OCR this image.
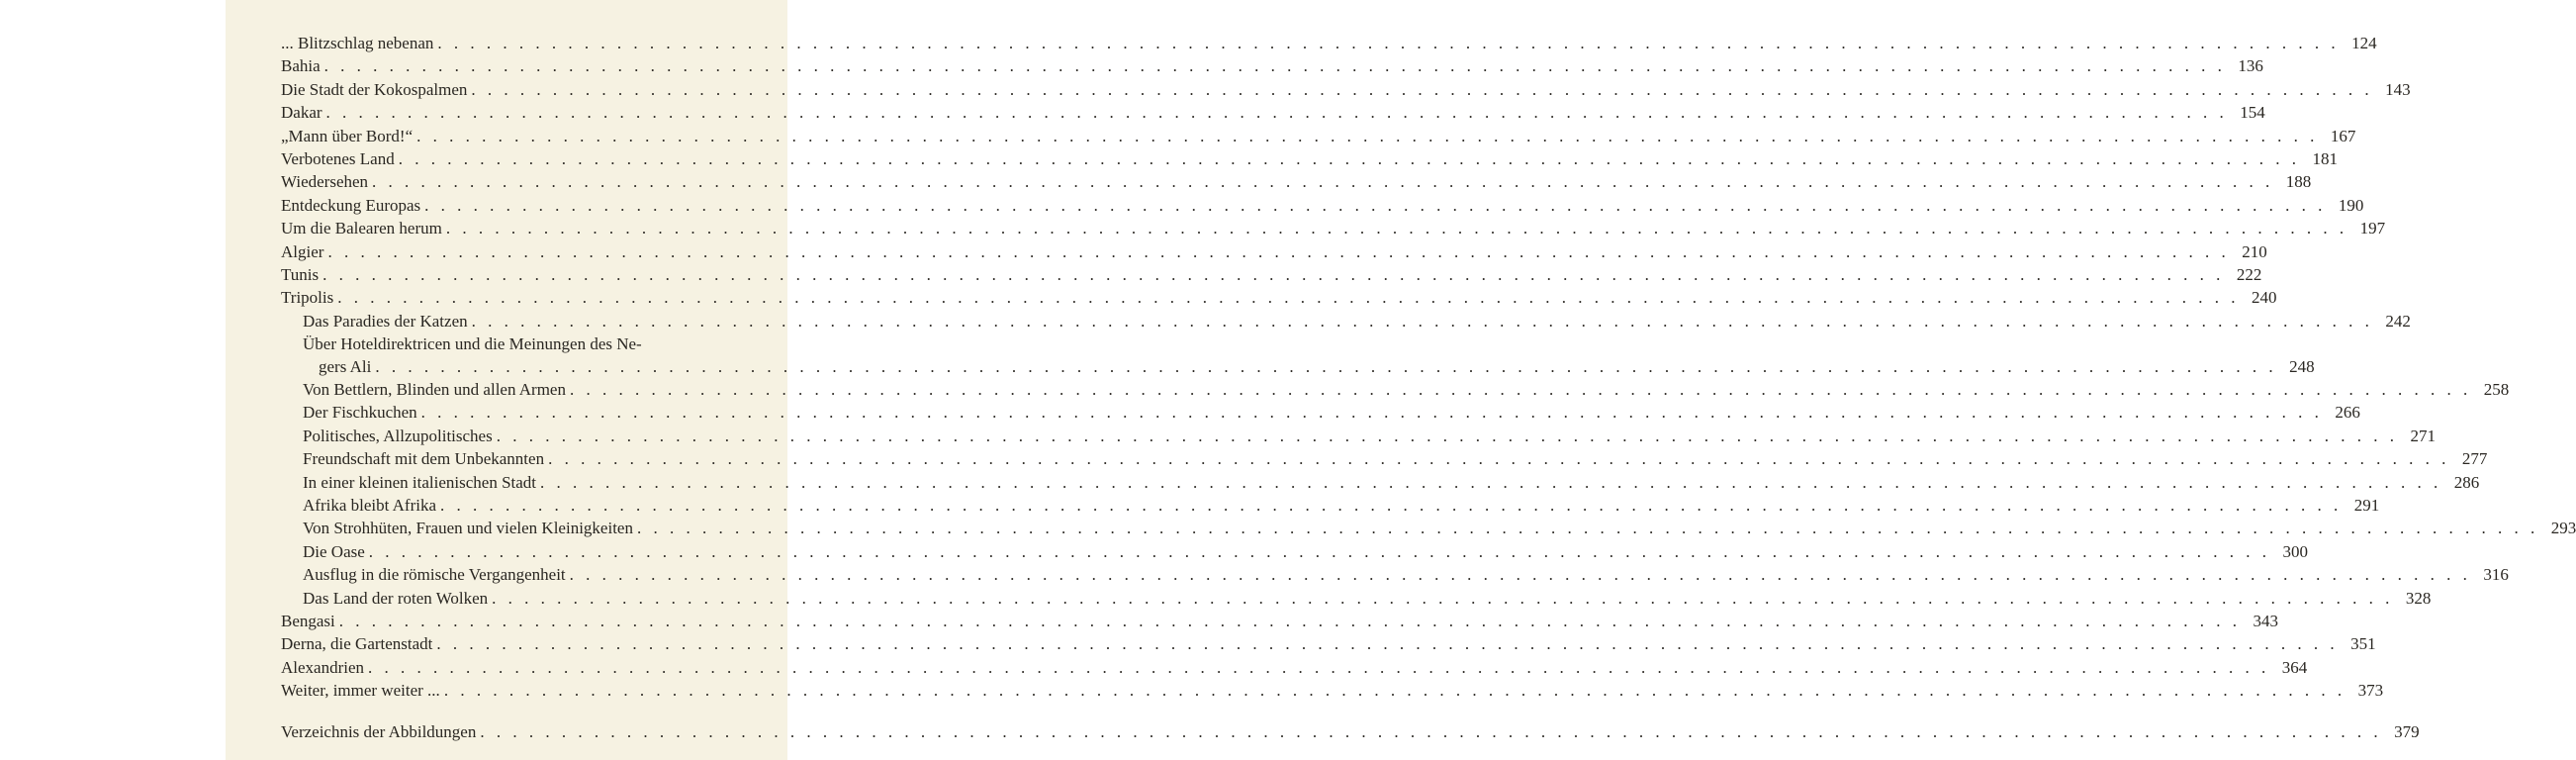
... Blitzschlag nebenan . . .	124
Bahia . . .	136
Die Stadt der Kokospalmen . . .	143
Dakar . . .	154
„Mann über Bord!“ . . .	167
Verbotenes Land . . .	181
Wiedersehen . . .	188
Entdeckung Europas . . .	190
Um die Balearen herum . . .	197
Algier . . .	210
Tunis . . .	222
Tripolis . . .	240
Das Paradies der Katzen . . .	242
Über Hoteldirektricen und die Meinungen des Ne-
gers Ali . . .	248
Von Bettlern, Blinden und allen Armen . . .	258
Der Fischkuchen . . .	266
Politisches, Allzupolitisches . . .	271
Freundschaft mit dem Unbekannten . . .	277
In einer kleinen italienischen Stadt . . .	286
Afrika bleibt Afrika . . .	291
Von Strohhüten, Frauen und vielen Kleinigkeiten . . .	293
Die Oase . . .	300
Ausflug in die römische Vergangenheit . . .	316
Das Land der roten Wolken . . .	328
Bengasi . . .	343
Derna, die Gartenstadt . . .	351
Alexandrien . . .	364
Weiter, immer weiter ... . . .	373
Verzeichnis der Abbildungen . . .	379
